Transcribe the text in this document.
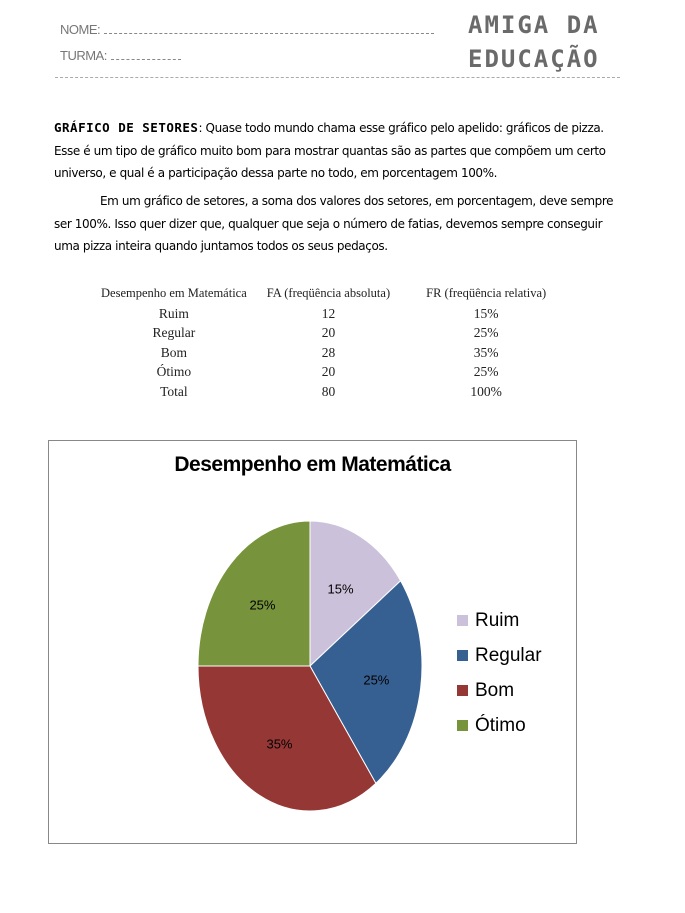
NOME:
TURMA:
AMIGA DA
EDUCAÇÃO
GRÁFICO DE SETORES: Quase todo mundo chama esse gráfico pelo apelido: gráficos de pizza. Esse é um tipo de gráfico muito bom para mostrar quantas são as partes que compõem um certo universo, e qual é a participação dessa parte no todo, em porcentagem 100%.
Em um gráfico de setores, a soma dos valores dos setores, em porcentagem, deve sempre ser 100%. Isso quer dizer que, qualquer que seja o número de fatias, devemos sempre conseguir uma pizza inteira quando juntamos todos os seus pedaços.
Desempenho em Matemática	FA (freqüência absoluta)	FR (freqüência relativa)
Ruim	12	15%
Regular	20	25%
Bom	28	35%
Ótimo	20	25%
Total	80	100%
Desempenho em Matemática
15%
25%
35%
25%
Ruim
Regular
Bom
Ótimo
